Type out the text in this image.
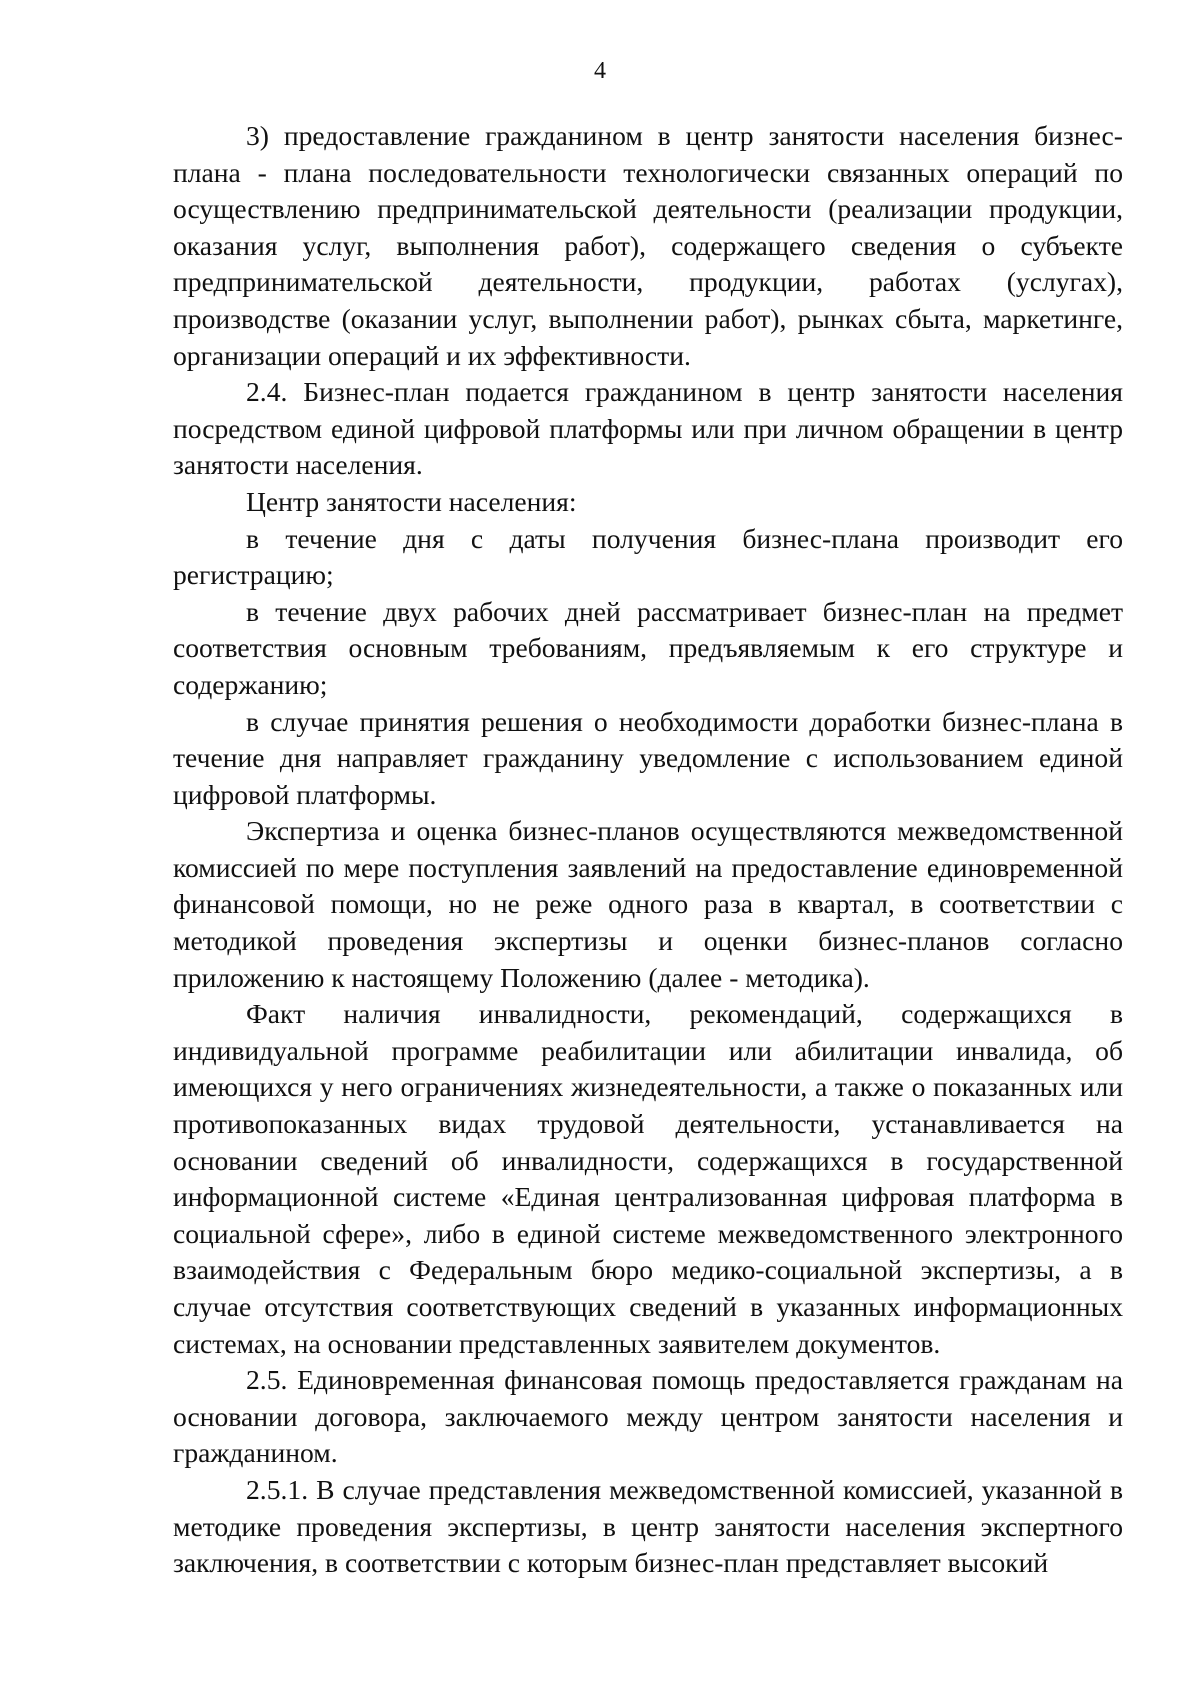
4

3) предоставление гражданином в центр занятости населения бизнес-плана - плана последовательности технологически связанных операций по осуществлению предпринимательской деятельности (реализации продукции, оказания услуг, выполнения работ), содержащего сведения о субъекте предпринимательской деятельности, продукции, работах (услугах), производстве (оказании услуг, выполнении работ), рынках сбыта, маркетинге, организации операций и их эффективности.

2.4. Бизнес-план подается гражданином в центр занятости населения посредством единой цифровой платформы или при личном обращении в центр занятости населения.

Центр занятости населения:

в течение дня с даты получения бизнес-плана производит его регистрацию;

в течение двух рабочих дней рассматривает бизнес-план на предмет соответствия основным требованиям, предъявляемым к его структуре и содержанию;

в случае принятия решения о необходимости доработки бизнес-плана в течение дня направляет гражданину уведомление с использованием единой цифровой платформы.

Экспертиза и оценка бизнес-планов осуществляются межведомственной комиссией по мере поступления заявлений на предоставление единовременной финансовой помощи, но не реже одного раза в квартал, в соответствии с методикой проведения экспертизы и оценки бизнес-планов согласно приложению к настоящему Положению (далее - методика).

Факт наличия инвалидности, рекомендаций, содержащихся в индивидуальной программе реабилитации или абилитации инвалида, об имеющихся у него ограничениях жизнедеятельности, а также о показанных или противопоказанных видах трудовой деятельности, устанавливается на основании сведений об инвалидности, содержащихся в государственной информационной системе «Единая централизованная цифровая платформа в социальной сфере», либо в единой системе межведомственного электронного взаимодействия с Федеральным бюро медико-социальной экспертизы, а в случае отсутствия соответствующих сведений в указанных информационных системах, на основании представленных заявителем документов.

2.5. Единовременная финансовая помощь предоставляется гражданам на основании договора, заключаемого между центром занятости населения и гражданином.

2.5.1. В случае представления межведомственной комиссией, указанной в методике проведения экспертизы, в центр занятости населения экспертного заключения, в соответствии с которым бизнес-план представляет высокий
